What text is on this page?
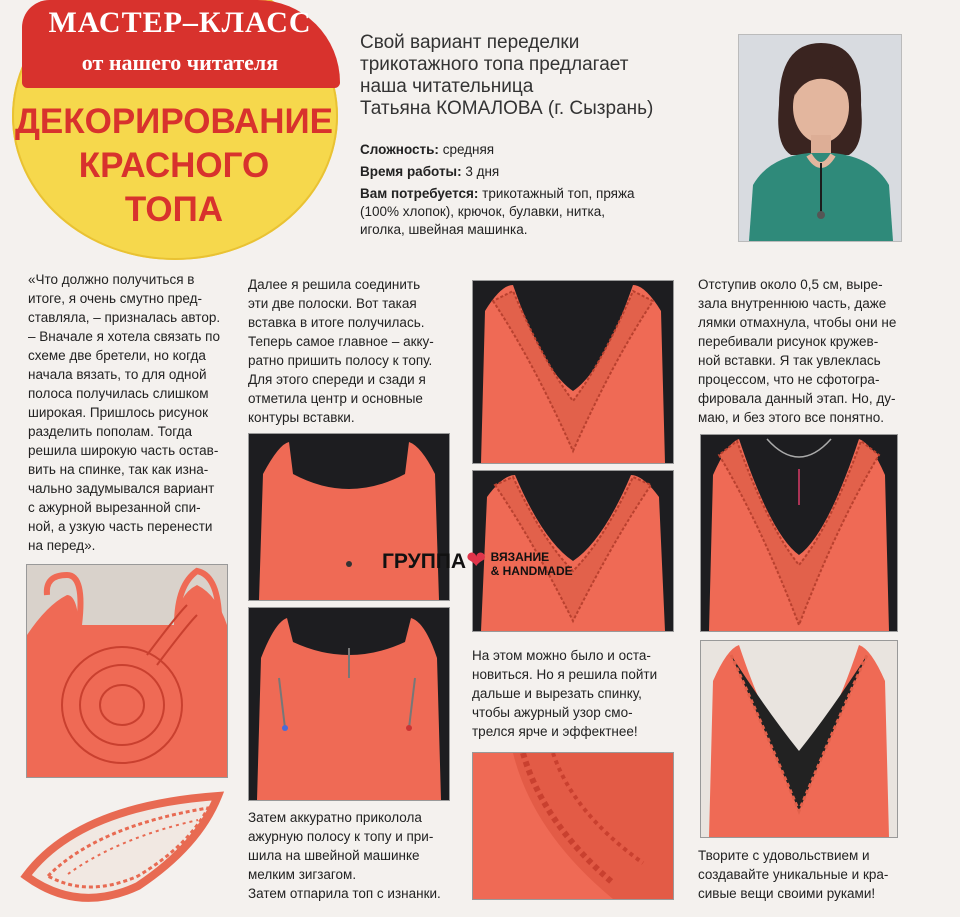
МАСТЕР–КЛАСС
от нашего читателя
ДЕКОРИРОВАНИЕ
КРАСНОГО
ТОПА
Свой вариант переделки
трикотажного топа предлагает
наша читательница
Татьяна КОМАЛОВА (г. Сызрань)
Сложность: средняя
Время работы: 3 дня
Вам потребуется: трикотажный топ, пряжа
(100% хлопок), крючок, булавки, нитка,
иголка, швейная машинка.
«Что должно получиться в
итоге, я очень смутно пред-
ставляла, – призналась автор.
– Вначале я хотела связать по
схеме две бретели, но когда
начала вязать, то для одной
полоса получилась слишком
широкая. Пришлось рисунок
разделить пополам. Тогда
решила широкую часть остав-
вить на спинке, так как изна-
чально задумывался вариант
с ажурной вырезанной спи-
ной, а узкую часть перенести
на перед».
Далее я решила соединить
эти две полоски. Вот такая
вставка в итоге получилась.
Теперь самое главное – акку-
ратно пришить полосу к топу.
Для этого спереди и сзади я
отметила центр и основные
контуры вставки.
Затем аккуратно приколола
ажурную полосу к топу и при-
шила на швейной машинке
мелким зигзагом.
Затем отпарила топ с изнанки.
ГРУППА❤ ВЯЗАНИЕ
& HANDMADE
На этом можно было и оста-
новиться. Но я решила пойти
дальше и вырезать спинку,
чтобы ажурный узор смо-
трелся ярче и эффектнее!
Отступив около 0,5 см, выре-
зала внутреннюю часть, даже
лямки отмахнула, чтобы они не
перебивали рисунок кружев-
ной вставки. Я так увлеклась
процессом, что не сфотогра-
фировала данный этап. Но, ду-
маю, и без этого все понятно.
Творите с удовольствием и
создавайте уникальные и кра-
сивые вещи своими руками!
